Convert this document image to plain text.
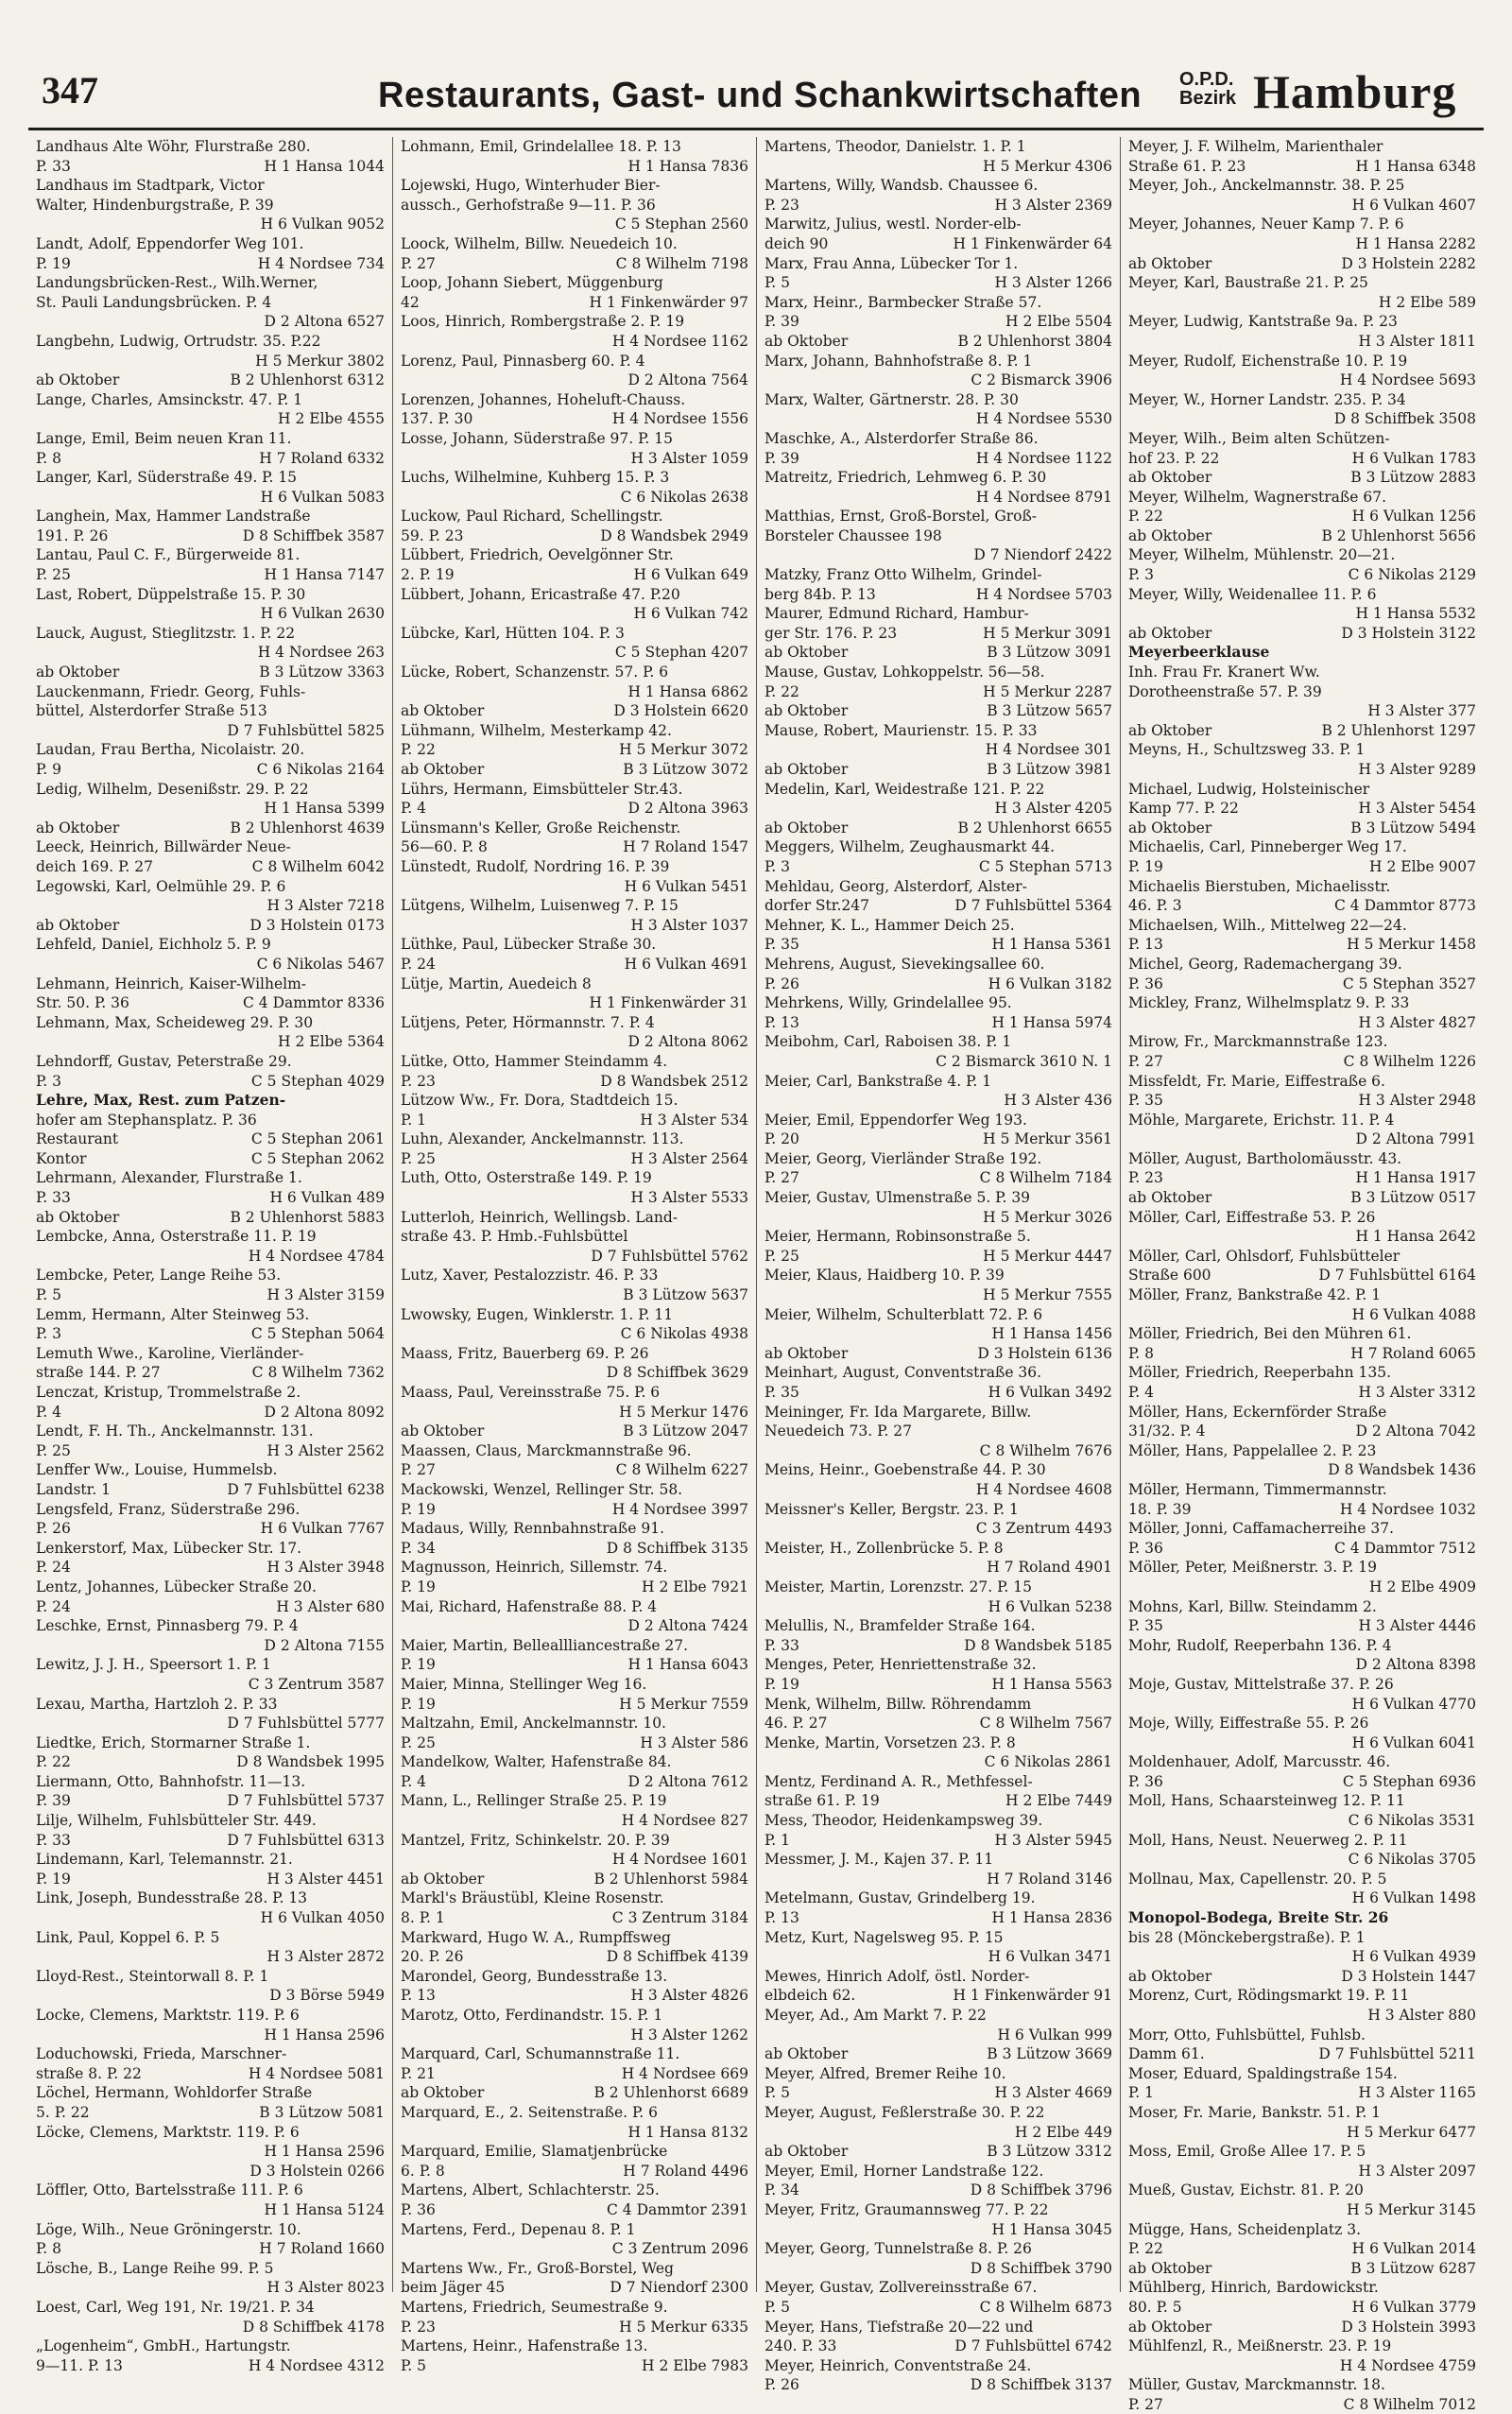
347	Restaurants, Gast- und Schankwirtschaften O.P.D.
Bezirk Hamburg
Landhaus Alte Wöhr, Flurstraße 280.
P. 33	H 1 Hansa 1044
Landhaus im Stadtpark, Victor
Walter, Hindenburgstraße, P. 39
H 6 Vulkan 9052
Landt, Adolf, Eppendorfer Weg 101.
P. 19	H 4 Nordsee 734
Landungsbrücken-Rest., Wilh.Werner,
St. Pauli Landungsbrücken. P. 4
D 2 Altona 6527
Langbehn, Ludwig, Ortrudstr. 35. P.22
H 5 Merkur 3802
ab Oktober	B 2 Uhlenhorst 6312
Lange, Charles, Amsinckstr. 47. P. 1
H 2 Elbe 4555
Lange, Emil, Beim neuen Kran 11.
P. 8	H 7 Roland 6332
Langer, Karl, Süderstraße 49. P. 15
H 6 Vulkan 5083
Langhein, Max, Hammer Landstraße
191. P. 26	D 8 Schiffbek 3587
Lantau, Paul C. F., Bürgerweide 81.
P. 25	H 1 Hansa 7147
Last, Robert, Düppelstraße 15. P. 30
H 6 Vulkan 2630
Lauck, August, Stieglitzstr. 1. P. 22
H 4 Nordsee 263
ab Oktober	B 3 Lützow 3363
Lauckenmann, Friedr. Georg, Fuhls-
büttel, Alsterdorfer Straße 513
D 7 Fuhlsbüttel 5825
Laudan, Frau Bertha, Nicolaistr. 20.
P. 9	C 6 Nikolas 2164
Ledig, Wilhelm, Desenißstr. 29. P. 22
H 1 Hansa 5399
ab Oktober	B 2 Uhlenhorst 4639
Leeck, Heinrich, Billwärder Neue-
deich 169. P. 27	C 8 Wilhelm 6042
Legowski, Karl, Oelmühle 29. P. 6
H 3 Alster 7218
ab Oktober	D 3 Holstein 0173
Lehfeld, Daniel, Eichholz 5. P. 9
C 6 Nikolas 5467
Lehmann, Heinrich, Kaiser-Wilhelm-
Str. 50. P. 36	C 4 Dammtor 8336
Lehmann, Max, Scheideweg 29. P. 30
H 2 Elbe 5364
Lehndorff, Gustav, Peterstraße 29.
P. 3	C 5 Stephan 4029
Lehre, Max, Rest. zum Patzen-
hofer am Stephansplatz. P. 36
Restaurant	C 5 Stephan 2061
Kontor	C 5 Stephan 2062
Lehrmann, Alexander, Flurstraße 1.
P. 33	H 6 Vulkan 489
ab Oktober	B 2 Uhlenhorst 5883
Lembcke, Anna, Osterstraße 11. P. 19
H 4 Nordsee 4784
Lembcke, Peter, Lange Reihe 53.
P. 5	H 3 Alster 3159
Lemm, Hermann, Alter Steinweg 53.
P. 3	C 5 Stephan 5064
Lemuth Wwe., Karoline, Vierländer-
straße 144. P. 27	C 8 Wilhelm 7362
Lenczat, Kristup, Trommelstraße 2.
P. 4	D 2 Altona 8092
Lendt, F. H. Th., Anckelmannstr. 131.
P. 25	H 3 Alster 2562
Lenffer Ww., Louise, Hummelsb.
Landstr. 1	D 7 Fuhlsbüttel 6238
Lengsfeld, Franz, Süderstraße 296.
P. 26	H 6 Vulkan 7767
Lenkerstorf, Max, Lübecker Str. 17.
P. 24	H 3 Alster 3948
Lentz, Johannes, Lübecker Straße 20.
P. 24	H 3 Alster 680
Leschke, Ernst, Pinnasberg 79. P. 4
D 2 Altona 7155
Lewitz, J. J. H., Speersort 1. P. 1
C 3 Zentrum 3587
Lexau, Martha, Hartzloh 2. P. 33
D 7 Fuhlsbüttel 5777
Liedtke, Erich, Stormarner Straße 1.
P. 22	D 8 Wandsbek 1995
Liermann, Otto, Bahnhofstr. 11—13.
P. 39	D 7 Fuhlsbüttel 5737
Lilje, Wilhelm, Fuhlsbütteler Str. 449.
P. 33	D 7 Fuhlsbüttel 6313
Lindemann, Karl, Telemannstr. 21.
P. 19	H 3 Alster 4451
Link, Joseph, Bundesstraße 28. P. 13
H 6 Vulkan 4050
Link, Paul, Koppel 6. P. 5
H 3 Alster 2872
Lloyd-Rest., Steintorwall 8. P. 1
D 3 Börse 5949
Locke, Clemens, Marktstr. 119. P. 6
H 1 Hansa 2596
Loduchowski, Frieda, Marschner-
straße 8. P. 22	H 4 Nordsee 5081
Löchel, Hermann, Wohldorfer Straße
5. P. 22	B 3 Lützow 5081
Löcke, Clemens, Marktstr. 119. P. 6
H 1 Hansa 2596
D 3 Holstein 0266
Löffler, Otto, Bartelsstraße 111. P. 6
H 1 Hansa 5124
Löge, Wilh., Neue Gröningerstr. 10.
P. 8	H 7 Roland 1660
Lösche, B., Lange Reihe 99. P. 5
H 3 Alster 8023
Loest, Carl, Weg 191, Nr. 19/21. P. 34
D 8 Schiffbek 4178
„Logenheim“, GmbH., Hartungstr.
9—11. P. 13	H 4 Nordsee 4312
Lohmann, Emil, Grindelallee 18. P. 13
H 1 Hansa 7836
Lojewski, Hugo, Winterhuder Bier-
aussch., Gerhofstraße 9—11. P. 36
C 5 Stephan 2560
Loock, Wilhelm, Billw. Neuedeich 10.
P. 27	C 8 Wilhelm 7198
Loop, Johann Siebert, Müggenburg
42	H 1 Finkenwärder 97
Loos, Hinrich, Rombergstraße 2. P. 19
H 4 Nordsee 1162
Lorenz, Paul, Pinnasberg 60. P. 4
D 2 Altona 7564
Lorenzen, Johannes, Hoheluft-Chauss.
137. P. 30	H 4 Nordsee 1556
Losse, Johann, Süderstraße 97. P. 15
H 3 Alster 1059
Luchs, Wilhelmine, Kuhberg 15. P. 3
C 6 Nikolas 2638
Luckow, Paul Richard, Schellingstr.
59. P. 23	D 8 Wandsbek 2949
Lübbert, Friedrich, Oevelgönner Str.
2. P. 19	H 6 Vulkan 649
Lübbert, Johann, Ericastraße 47. P.20
H 6 Vulkan 742
Lübcke, Karl, Hütten 104. P. 3
C 5 Stephan 4207
Lücke, Robert, Schanzenstr. 57. P. 6
H 1 Hansa 6862
ab Oktober	D 3 Holstein 6620
Lühmann, Wilhelm, Mesterkamp 42.
P. 22	H 5 Merkur 3072
ab Oktober	B 3 Lützow 3072
Lührs, Hermann, Eimsbütteler Str.43.
P. 4	D 2 Altona 3963
Lünsmann's Keller, Große Reichenstr.
56—60. P. 8	H 7 Roland 1547
Lünstedt, Rudolf, Nordring 16. P. 39
H 6 Vulkan 5451
Lütgens, Wilhelm, Luisenweg 7. P. 15
H 3 Alster 1037
Lüthke, Paul, Lübecker Straße 30.
P. 24	H 6 Vulkan 4691
Lütje, Martin, Auedeich 8
H 1 Finkenwärder 31
Lütjens, Peter, Hörmannstr. 7. P. 4
D 2 Altona 8062
Lütke, Otto, Hammer Steindamm 4.
P. 23	D 8 Wandsbek 2512
Lützow Ww., Fr. Dora, Stadtdeich 15.
P. 1	H 3 Alster 534
Luhn, Alexander, Anckelmannstr. 113.
P. 25	H 3 Alster 2564
Luth, Otto, Osterstraße 149. P. 19
H 3 Alster 5533
Lutterloh, Heinrich, Wellingsb. Land-
straße 43. P. Hmb.-Fuhlsbüttel
D 7 Fuhlsbüttel 5762
Lutz, Xaver, Pestalozzistr. 46. P. 33
B 3 Lützow 5637
Lwowsky, Eugen, Winklerstr. 1. P. 11
C 6 Nikolas 4938
Maass, Fritz, Bauerberg 69. P. 26
D 8 Schiffbek 3629
Maass, Paul, Vereinsstraße 75. P. 6
H 5 Merkur 1476
ab Oktober	B 3 Lützow 2047
Maassen, Claus, Marckmannstraße 96.
P. 27	C 8 Wilhelm 6227
Mackowski, Wenzel, Rellinger Str. 58.
P. 19	H 4 Nordsee 3997
Madaus, Willy, Rennbahnstraße 91.
P. 34	D 8 Schiffbek 3135
Magnusson, Heinrich, Sillemstr. 74.
P. 19	H 2 Elbe 7921
Mai, Richard, Hafenstraße 88. P. 4
D 2 Altona 7424
Maier, Martin, Belleallliancestraße 27.
P. 19	H 1 Hansa 6043
Maier, Minna, Stellinger Weg 16.
P. 19	H 5 Merkur 7559
Maltzahn, Emil, Anckelmannstr. 10.
P. 25	H 3 Alster 586
Mandelkow, Walter, Hafenstraße 84.
P. 4	D 2 Altona 7612
Mann, L., Rellinger Straße 25. P. 19
H 4 Nordsee 827
Mantzel, Fritz, Schinkelstr. 20. P. 39
H 4 Nordsee 1601
ab Oktober	B 2 Uhlenhorst 5984
Markl's Bräustübl, Kleine Rosenstr.
8. P. 1	C 3 Zentrum 3184
Markward, Hugo W. A., Rumpffsweg
20. P. 26	D 8 Schiffbek 4139
Marondel, Georg, Bundesstraße 13.
P. 13	H 3 Alster 4826
Marotz, Otto, Ferdinandstr. 15. P. 1
H 3 Alster 1262
Marquard, Carl, Schumannstraße 11.
P. 21	H 4 Nordsee 669
ab Oktober	B 2 Uhlenhorst 6689
Marquard, E., 2. Seitenstraße. P. 6
H 1 Hansa 8132
Marquard, Emilie, Slamatjenbrücke
6. P. 8	H 7 Roland 4496
Martens, Albert, Schlachterstr. 25.
P. 36	C 4 Dammtor 2391
Martens, Ferd., Depenau 8. P. 1
C 3 Zentrum 2096
Martens Ww., Fr., Groß-Borstel, Weg
beim Jäger 45	D 7 Niendorf 2300
Martens, Friedrich, Seumestraße 9.
P. 23	H 5 Merkur 6335
Martens, Heinr., Hafenstraße 13.
P. 5	H 2 Elbe 7983
Martens, Theodor, Danielstr. 1. P. 1
H 5 Merkur 4306
Martens, Willy, Wandsb. Chaussee 6.
P. 23	H 3 Alster 2369
Marwitz, Julius, westl. Norder-elb-
deich 90	H 1 Finkenwärder 64
Marx, Frau Anna, Lübecker Tor 1.
P. 5	H 3 Alster 1266
Marx, Heinr., Barmbecker Straße 57.
P. 39	H 2 Elbe 5504
ab Oktober	B 2 Uhlenhorst 3804
Marx, Johann, Bahnhofstraße 8. P. 1
C 2 Bismarck 3906
Marx, Walter, Gärtnerstr. 28. P. 30
H 4 Nordsee 5530
Maschke, A., Alsterdorfer Straße 86.
P. 39	H 4 Nordsee 1122
Matreitz, Friedrich, Lehmweg 6. P. 30
H 4 Nordsee 8791
Matthias, Ernst, Groß-Borstel, Groß-
Borsteler Chaussee 198
D 7 Niendorf 2422
Matzky, Franz Otto Wilhelm, Grindel-
berg 84b. P. 13	H 4 Nordsee 5703
Maurer, Edmund Richard, Hambur-
ger Str. 176. P. 23	H 5 Merkur 3091
ab Oktober	B 3 Lützow 3091
Mause, Gustav, Lohkoppelstr. 56—58.
P. 22	H 5 Merkur 2287
ab Oktober	B 3 Lützow 5657
Mause, Robert, Maurienstr. 15. P. 33
H 4 Nordsee 301
ab Oktober	B 3 Lützow 3981
Medelin, Karl, Weidestraße 121. P. 22
H 3 Alster 4205
ab Oktober	B 2 Uhlenhorst 6655
Meggers, Wilhelm, Zeughausmarkt 44.
P. 3	C 5 Stephan 5713
Mehldau, Georg, Alsterdorf, Alster-
dorfer Str.247	D 7 Fuhlsbüttel 5364
Mehner, K. L., Hammer Deich 25.
P. 35	H 1 Hansa 5361
Mehrens, August, Sievekingsallee 60.
P. 26	H 6 Vulkan 3182
Mehrkens, Willy, Grindelallee 95.
P. 13	H 1 Hansa 5974
Meibohm, Carl, Raboisen 38. P. 1
C 2 Bismarck 3610 N. 1
Meier, Carl, Bankstraße 4. P. 1
H 3 Alster 436
Meier, Emil, Eppendorfer Weg 193.
P. 20	H 5 Merkur 3561
Meier, Georg, Vierländer Straße 192.
P. 27	C 8 Wilhelm 7184
Meier, Gustav, Ulmenstraße 5. P. 39
H 5 Merkur 3026
Meier, Hermann, Robinsonstraße 5.
P. 25	H 5 Merkur 4447
Meier, Klaus, Haidberg 10. P. 39
H 5 Merkur 7555
Meier, Wilhelm, Schulterblatt 72. P. 6
H 1 Hansa 1456
ab Oktober	D 3 Holstein 6136
Meinhart, August, Conventstraße 36.
P. 35	H 6 Vulkan 3492
Meininger, Fr. Ida Margarete, Billw.
Neuedeich 73. P. 27
C 8 Wilhelm 7676
Meins, Heinr., Goebenstraße 44. P. 30
H 4 Nordsee 4608
Meissner's Keller, Bergstr. 23. P. 1
C 3 Zentrum 4493
Meister, H., Zollenbrücke 5. P. 8
H 7 Roland 4901
Meister, Martin, Lorenzstr. 27. P. 15
H 6 Vulkan 5238
Melullis, N., Bramfelder Straße 164.
P. 33	D 8 Wandsbek 5185
Menges, Peter, Henriettenstraße 32.
P. 19	H 1 Hansa 5563
Menk, Wilhelm, Billw. Röhrendamm
46. P. 27	C 8 Wilhelm 7567
Menke, Martin, Vorsetzen 23. P. 8
C 6 Nikolas 2861
Mentz, Ferdinand A. R., Methfessel-
straße 61. P. 19	H 2 Elbe 7449
Mess, Theodor, Heidenkampsweg 39.
P. 1	H 3 Alster 5945
Messmer, J. M., Kajen 37. P. 11
H 7 Roland 3146
Metelmann, Gustav, Grindelberg 19.
P. 13	H 1 Hansa 2836
Metz, Kurt, Nagelsweg 95. P. 15
H 6 Vulkan 3471
Mewes, Hinrich Adolf, östl. Norder-
elbdeich 62.	H 1 Finkenwärder 91
Meyer, Ad., Am Markt 7. P. 22
H 6 Vulkan 999
ab Oktober	B 3 Lützow 3669
Meyer, Alfred, Bremer Reihe 10.
P. 5	H 3 Alster 4669
Meyer, August, Feßlerstraße 30. P. 22
H 2 Elbe 449
ab Oktober	B 3 Lützow 3312
Meyer, Emil, Horner Landstraße 122.
P. 34	D 8 Schiffbek 3796
Meyer, Fritz, Graumannsweg 77. P. 22
H 1 Hansa 3045
Meyer, Georg, Tunnelstraße 8. P. 26
D 8 Schiffbek 3790
Meyer, Gustav, Zollvereinsstraße 67.
P. 5	C 8 Wilhelm 6873
Meyer, Hans, Tiefstraße 20—22 und
240. P. 33	D 7 Fuhlsbüttel 6742
Meyer, Heinrich, Conventstraße 24.
P. 26	D 8 Schiffbek 3137
Meyer, J. F. Wilhelm, Marienthaler
Straße 61. P. 23	H 1 Hansa 6348
Meyer, Joh., Anckelmannstr. 38. P. 25
H 6 Vulkan 4607
Meyer, Johannes, Neuer Kamp 7. P. 6
H 1 Hansa 2282
ab Oktober	D 3 Holstein 2282
Meyer, Karl, Baustraße 21. P. 25
H 2 Elbe 589
Meyer, Ludwig, Kantstraße 9a. P. 23
H 3 Alster 1811
Meyer, Rudolf, Eichenstraße 10. P. 19
H 4 Nordsee 5693
Meyer, W., Horner Landstr. 235. P. 34
D 8 Schiffbek 3508
Meyer, Wilh., Beim alten Schützen-
hof 23. P. 22	H 6 Vulkan 1783
ab Oktober	B 3 Lützow 2883
Meyer, Wilhelm, Wagnerstraße 67.
P. 22	H 6 Vulkan 1256
ab Oktober	B 2 Uhlenhorst 5656
Meyer, Wilhelm, Mühlenstr. 20—21.
P. 3	C 6 Nikolas 2129
Meyer, Willy, Weidenallee 11. P. 6
H 1 Hansa 5532
ab Oktober	D 3 Holstein 3122
Meyerbeerklause
Inh. Frau Fr. Kranert Ww.
Dorotheenstraße 57. P. 39
H 3 Alster 377
ab Oktober	B 2 Uhlenhorst 1297
Meyns, H., Schultzsweg 33. P. 1
H 3 Alster 9289
Michael, Ludwig, Holsteinischer
Kamp 77. P. 22	H 3 Alster 5454
ab Oktober	B 3 Lützow 5494
Michaelis, Carl, Pinneberger Weg 17.
P. 19	H 2 Elbe 9007
Michaelis Bierstuben, Michaelisstr.
46. P. 3	C 4 Dammtor 8773
Michaelsen, Wilh., Mittelweg 22—24.
P. 13	H 5 Merkur 1458
Michel, Georg, Rademachergang 39.
P. 36	C 5 Stephan 3527
Mickley, Franz, Wilhelmsplatz 9. P. 33
H 3 Alster 4827
Mirow, Fr., Marckmannstraße 123.
P. 27	C 8 Wilhelm 1226
Missfeldt, Fr. Marie, Eiffestraße 6.
P. 35	H 3 Alster 2948
Möhle, Margarete, Erichstr. 11. P. 4
D 2 Altona 7991
Möller, August, Bartholomäusstr. 43.
P. 23	H 1 Hansa 1917
ab Oktober	B 3 Lützow 0517
Möller, Carl, Eiffestraße 53. P. 26
H 1 Hansa 2642
Möller, Carl, Ohlsdorf, Fuhlsbütteler
Straße 600	D 7 Fuhlsbüttel 6164
Möller, Franz, Bankstraße 42. P. 1
H 6 Vulkan 4088
Möller, Friedrich, Bei den Mühren 61.
P. 8	H 7 Roland 6065
Möller, Friedrich, Reeperbahn 135.
P. 4	H 3 Alster 3312
Möller, Hans, Eckernförder Straße
31/32. P. 4	D 2 Altona 7042
Möller, Hans, Pappelallee 2. P. 23
D 8 Wandsbek 1436
Möller, Hermann, Timmermannstr.
18. P. 39	H 4 Nordsee 1032
Möller, Jonni, Caffamacherreihe 37.
P. 36	C 4 Dammtor 7512
Möller, Peter, Meißnerstr. 3. P. 19
H 2 Elbe 4909
Mohns, Karl, Billw. Steindamm 2.
P. 35	H 3 Alster 4446
Mohr, Rudolf, Reeperbahn 136. P. 4
D 2 Altona 8398
Moje, Gustav, Mittelstraße 37. P. 26
H 6 Vulkan 4770
Moje, Willy, Eiffestraße 55. P. 26
H 6 Vulkan 6041
Moldenhauer, Adolf, Marcusstr. 46.
P. 36	C 5 Stephan 6936
Moll, Hans, Schaarsteinweg 12. P. 11
C 6 Nikolas 3531
Moll, Hans, Neust. Neuerweg 2. P. 11
C 6 Nikolas 3705
Mollnau, Max, Capellenstr. 20. P. 5
H 6 Vulkan 1498
Monopol-Bodega, Breite Str. 26
bis 28 (Mönckebergstraße). P. 1
H 6 Vulkan 4939
ab Oktober	D 3 Holstein 1447
Morenz, Curt, Rödingsmarkt 19. P. 11
H 3 Alster 880
Morr, Otto, Fuhlsbüttel, Fuhlsb.
Damm 61.	D 7 Fuhlsbüttel 5211
Moser, Eduard, Spaldingstraße 154.
P. 1	H 3 Alster 1165
Moser, Fr. Marie, Bankstr. 51. P. 1
H 5 Merkur 6477
Moss, Emil, Große Allee 17. P. 5
H 3 Alster 2097
Mueß, Gustav, Eichstr. 81. P. 20
H 5 Merkur 3145
Mügge, Hans, Scheidenplatz 3.
P. 22	H 6 Vulkan 2014
ab Oktober	B 3 Lützow 6287
Mühlberg, Hinrich, Bardowickstr.
80. P. 5	H 6 Vulkan 3779
ab Oktober	D 3 Holstein 3993
Mühlfenzl, R., Meißnerstr. 23. P. 19
H 4 Nordsee 4759
Müller, Gustav, Marckmannstr. 18.
P. 27	C 8 Wilhelm 7012
